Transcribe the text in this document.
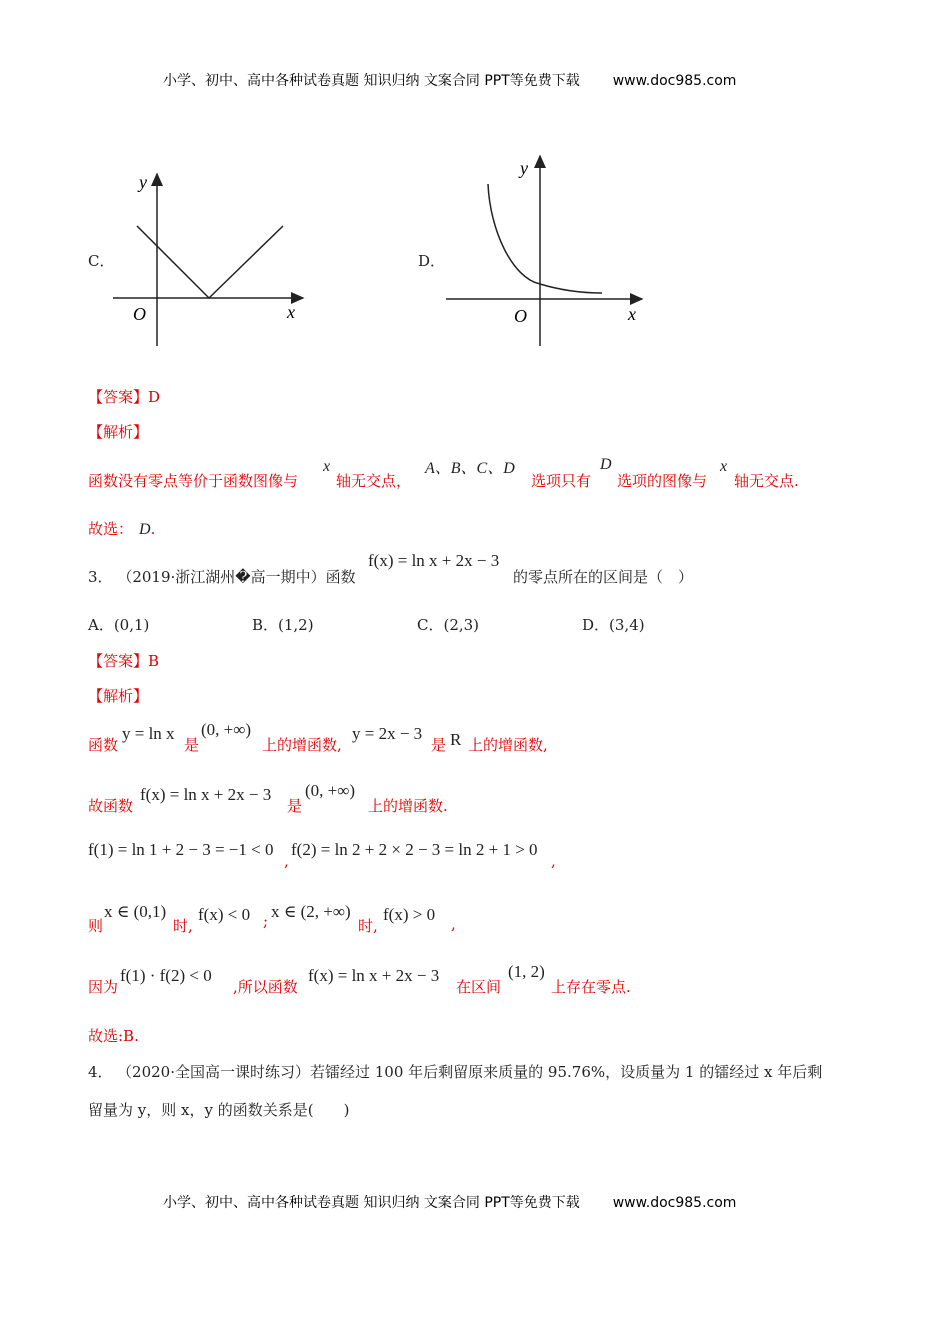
小学、初中、高中各种试卷真题 知识归纳 文案合同 PPT等免费下载 www.doc985.com
C．
y
O	x
D．
y
O	x
【答案】D
【解析】
函数没有零点等价于函数图像与
x
轴无交点，
A、B、C、D
选项只有
D
选项的图像与
x
轴无交点.
故选： D.
3． （2019·浙江湖州�高一期中）函数
f(x) = ln x + 2x − 3
的零点所在的区间是（　）
A．(0,1)	B．(1,2)	C．(2,3)	D．(3,4)
【答案】B
【解析】
函数
y = ln x
是
(0, +∞)
上的增函数,
y = 2x − 3
是 R 上的增函数,
故函数
f(x) = ln x + 2x − 3
是
(0, +∞)
上的增函数.
f(1) = ln 1 + 2 − 3 = −1 < 0
,
f(2) = ln 2 + 2 × 2 − 3 = ln 2 + 1 > 0
,
则
x ∈ (0,1)
时,
f(x) < 0 ; x ∈ (2, +∞)
时,
f(x) > 0 ,
因为
f(1) · f(2) < 0
,所以函数
f(x) = ln x + 2x − 3
在区间
(1, 2)
上存在零点.
故选:B.
4． （2020·全国高一课时练习）若镭经过 100 年后剩留原来质量的 95.76%，设质量为 1 的镭经过 x 年后剩
留量为 y，则 x，y 的函数关系是(　　)
小学、初中、高中各种试卷真题 知识归纳 文案合同 PPT等免费下载 www.doc985.com
